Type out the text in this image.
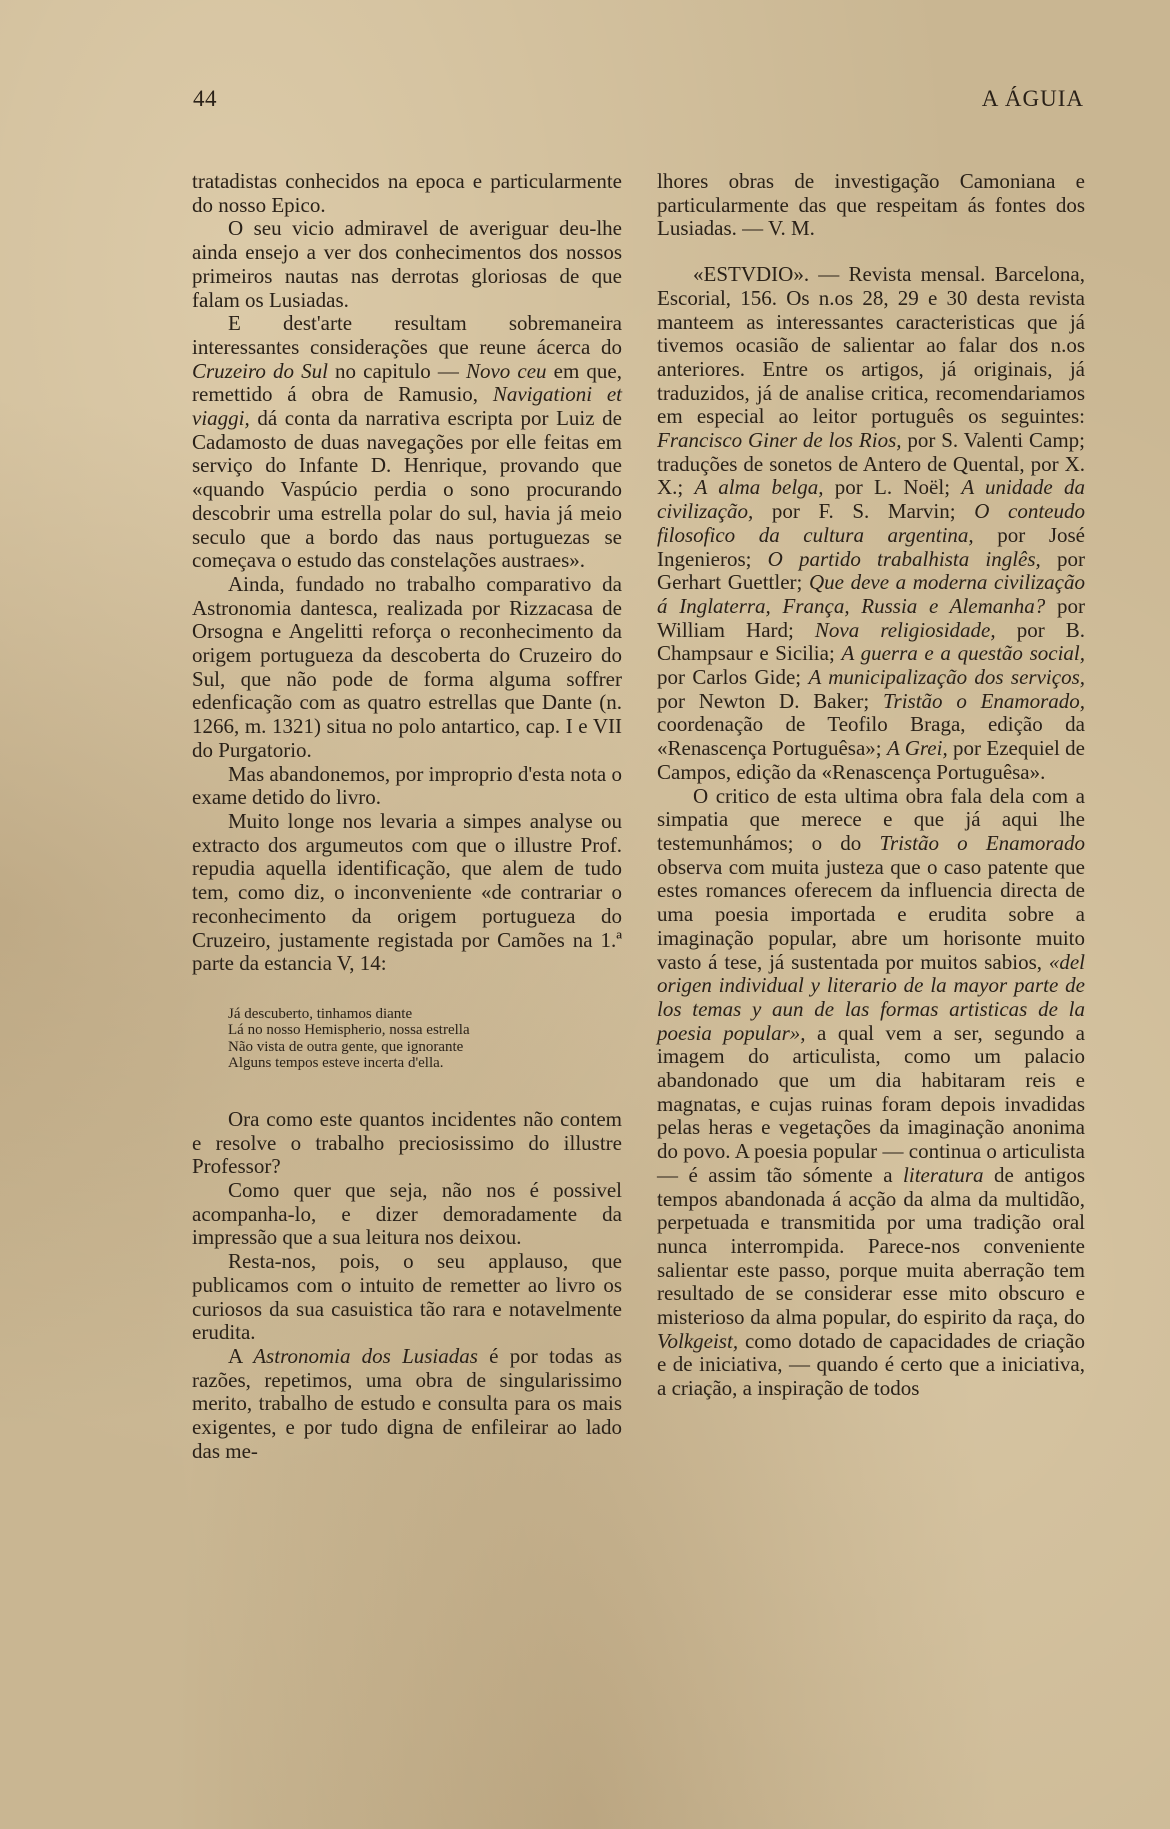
44	A ÁGUIA

tratadistas conhecidos na epoca e particularmente do nosso Epico.

O seu vicio admiravel de averiguar deu-lhe ainda ensejo a ver dos conhecimentos dos nossos primeiros nautas nas derrotas gloriosas de que falam os Lusiadas.

E dest'arte resultam sobremaneira interessantes considerações que reune ácerca do Cruzeiro do Sul no capitulo — Novo ceu em que, remettido á obra de Ramusio, Navigationi et viaggi, dá conta da narrativa escripta por Luiz de Cadamosto de duas navegações por elle feitas em serviço do Infante D. Henrique, provando que «quando Vaspúcio perdia o sono procurando descobrir uma estrella polar do sul, havia já meio seculo que a bordo das naus portuguezas se começava o estudo das constelações austraes».

Ainda, fundado no trabalho comparativo da Astronomia dantesca, realizada por Rizzacasa de Orsogna e Angelitti reforça o reconhecimento da origem portugueza da descoberta do Cruzeiro do Sul, que não pode de forma alguma soffrer edenficação com as quatro estrellas que Dante (n. 1266, m. 1321) situa no polo antartico, cap. I e VII do Purgatorio.

Mas abandonemos, por improprio d'esta nota o exame detido do livro.

Muito longe nos levaria a simpes analyse ou extracto dos argumeutos com que o illustre Prof. repudia aquella identificação, que alem de tudo tem, como diz, o inconveniente «de contrariar o reconhecimento da origem portugueza do Cruzeiro, justamente registada por Camões na 1.ª parte da estancia V, 14:

Já descuberto, tinhamos diante
Lá no nosso Hemispherio, nossa estrella
Não vista de outra gente, que ignorante
Alguns tempos esteve incerta d'ella.

Ora como este quantos incidentes não contem e resolve o trabalho preciosissimo do illustre Professor?

Como quer que seja, não nos é possivel acompanha-lo, e dizer demoradamente da impressão que a sua leitura nos deixou.

Resta-nos, pois, o seu applauso, que publicamos com o intuito de remetter ao livro os curiosos da sua casuistica tão rara e notavelmente erudita.

A Astronomia dos Lusiadas é por todas as razões, repetimos, uma obra de singularissimo merito, trabalho de estudo e consulta para os mais exigentes, e por tudo digna de enfileirar ao lado das me-

lhores obras de investigação Camoniana e particularmente das que respeitam ás fontes dos Lusiadas. — V. M.

«ESTVDIO». — Revista mensal. Barcelona, Escorial, 156. Os n.os 28, 29 e 30 desta revista manteem as interessantes caracteristicas que já tivemos ocasião de salientar ao falar dos n.os anteriores. Entre os artigos, já originais, já traduzidos, já de analise critica, recomendariamos em especial ao leitor português os seguintes: Francisco Giner de los Rios, por S. Valenti Camp; traduções de sonetos de Antero de Quental, por X. X.; A alma belga, por L. Noël; A unidade da civilização, por F. S. Marvin; O conteudo filosofico da cultura argentina, por José Ingenieros; O partido trabalhista inglês, por Gerhart Guettler; Que deve a moderna civilização á Inglaterra, França, Russia e Alemanha? por William Hard; Nova religiosidade, por B. Champsaur e Sicilia; A guerra e a questão social, por Carlos Gide; A municipalização dos serviços, por Newton D. Baker; Tristão o Enamorado, coordenação de Teofilo Braga, edição da «Renascença Portuguêsa»; A Grei, por Ezequiel de Campos, edição da «Renascença Portuguêsa».

O critico de esta ultima obra fala dela com a simpatia que merece e que já aqui lhe testemunhámos; o do Tristão o Enamorado observa com muita justeza que o caso patente que estes romances oferecem da influencia directa de uma poesia importada e erudita sobre a imaginação popular, abre um horisonte muito vasto á tese, já sustentada por muitos sabios, «del origen individual y literario de la mayor parte de los temas y aun de las formas artisticas de la poesia popular», a qual vem a ser, segundo a imagem do articulista, como um palacio abandonado que um dia habitaram reis e magnatas, e cujas ruinas foram depois invadidas pelas heras e vegetações da imaginação anonima do povo. A poesia popular — continua o articulista — é assim tão sómente a literatura de antigos tempos abandonada á acção da alma da multidão, perpetuada e transmitida por uma tradição oral nunca interrompida. Parece-nos conveniente salientar este passo, porque muita aberração tem resultado de se considerar esse mito obscuro e misterioso da alma popular, do espirito da raça, do Volkgeist, como dotado de capacidades de criação e de iniciativa, — quando é certo que a iniciativa, a criação, a inspiração de todos
